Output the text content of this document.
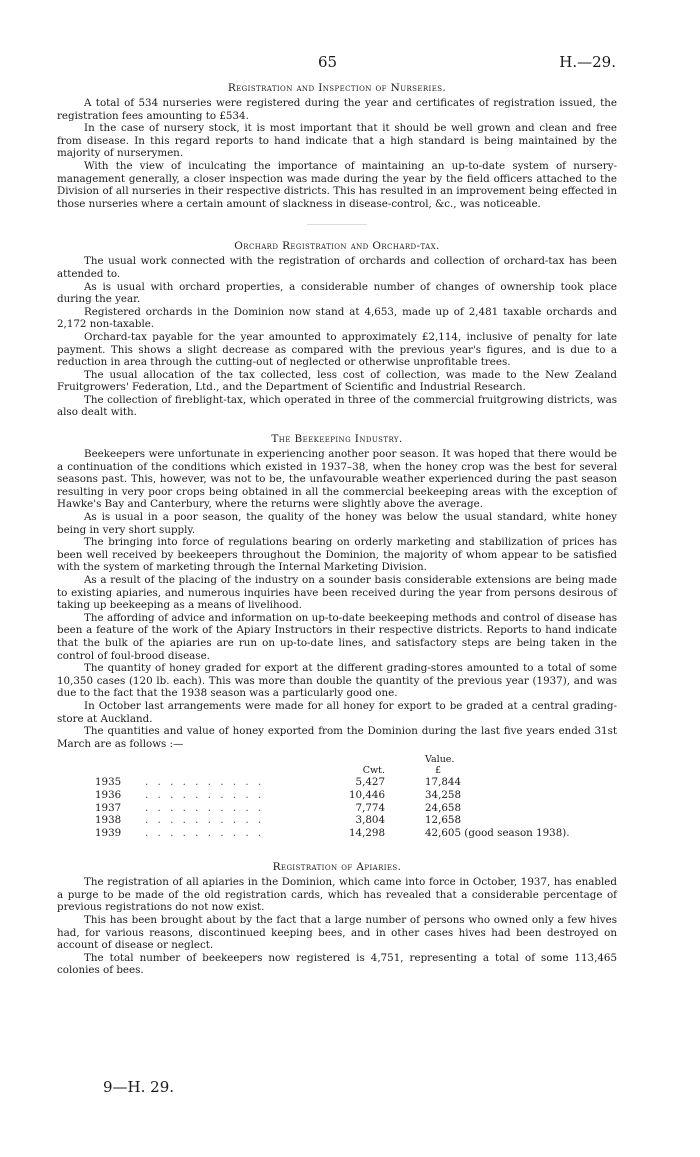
65	H.—29.
Registration and Inspection of Nurseries.

A total of 534 nurseries were registered during the year and certificates of registration issued, the registration fees amounting to £534.

In the case of nursery stock, it is most important that it should be well grown and clean and free from disease. In this regard reports to hand indicate that a high standard is being maintained by the majority of nurserymen.

With the view of inculcating the importance of maintaining an up-to-date system of nursery-management generally, a closer inspection was made during the year by the field officers attached to the Division of all nurseries in their respective districts. This has resulted in an improvement being effected in those nurseries where a certain amount of slackness in disease-control, &c., was noticeable.

Orchard Registration and Orchard-tax.

The usual work connected with the registration of orchards and collection of orchard-tax has been attended to.

As is usual with orchard properties, a considerable number of changes of ownership took place during the year.

Registered orchards in the Dominion now stand at 4,653, made up of 2,481 taxable orchards and 2,172 non-taxable.

Orchard-tax payable for the year amounted to approximately £2,114, inclusive of penalty for late payment. This shows a slight decrease as compared with the previous year's figures, and is due to a reduction in area through the cutting-out of neglected or otherwise unprofitable trees.

The usual allocation of the tax collected, less cost of collection, was made to the New Zealand Fruitgrowers' Federation, Ltd., and the Department of Scientific and Industrial Research.

The collection of fireblight-tax, which operated in three of the commercial fruitgrowing districts, was also dealt with.

The Beekeeping Industry.

Beekeepers were unfortunate in experiencing another poor season. It was hoped that there would be a continuation of the conditions which existed in 1937–38, when the honey crop was the best for several seasons past. This, however, was not to be, the unfavourable weather experienced during the past season resulting in very poor crops being obtained in all the commercial beekeeping areas with the exception of Hawke's Bay and Canterbury, where the returns were slightly above the average.

As is usual in a poor season, the quality of the honey was below the usual standard, white honey being in very short supply.

The bringing into force of regulations bearing on orderly marketing and stabilization of prices has been well received by beekeepers throughout the Dominion, the majority of whom appear to be satisfied with the system of marketing through the Internal Marketing Division.

As a result of the placing of the industry on a sounder basis considerable extensions are being made to existing apiaries, and numerous inquiries have been received during the year from persons desirous of taking up beekeeping as a means of livelihood.

The affording of advice and information on up-to-date beekeeping methods and control of disease has been a feature of the work of the Apiary Instructors in their respective districts. Reports to hand indicate that the bulk of the apiaries are run on up-to-date lines, and satisfactory steps are being taken in the control of foul-brood disease.

The quantity of honey graded for export at the different grading-stores amounted to a total of some 10,350 cases (120 lb. each). This was more than double the quantity of the previous year (1937), and was due to the fact that the 1938 season was a particularly good one.

In October last arrangements were made for all honey for export to be graded at a central grading-store at Auckland.

The quantities and value of honey exported from the Dominion during the last five years ended 31st March are as follows :—

		Cwt.	Value.
£

1935	. . . . . . . . . .	5,427	17,844
1936	. . . . . . . . . .	10,446	34,258
1937	. . . . . . . . . .	7,774	24,658
1938	. . . . . . . . . .	3,804	12,658
1939	. . . . . . . . . .	14,298	42,605 (good season 1938).
Registration of Apiaries.

The registration of all apiaries in the Dominion, which came into force in October, 1937, has enabled a purge to be made of the old registration cards, which has revealed that a considerable percentage of previous registrations do not now exist.

This has been brought about by the fact that a large number of persons who owned only a few hives had, for various reasons, discontinued keeping bees, and in other cases hives had been destroyed on account of disease or neglect.

The total number of beekeepers now registered is 4,751, representing a total of some 113,465 colonies of bees.

9—H. 29.
